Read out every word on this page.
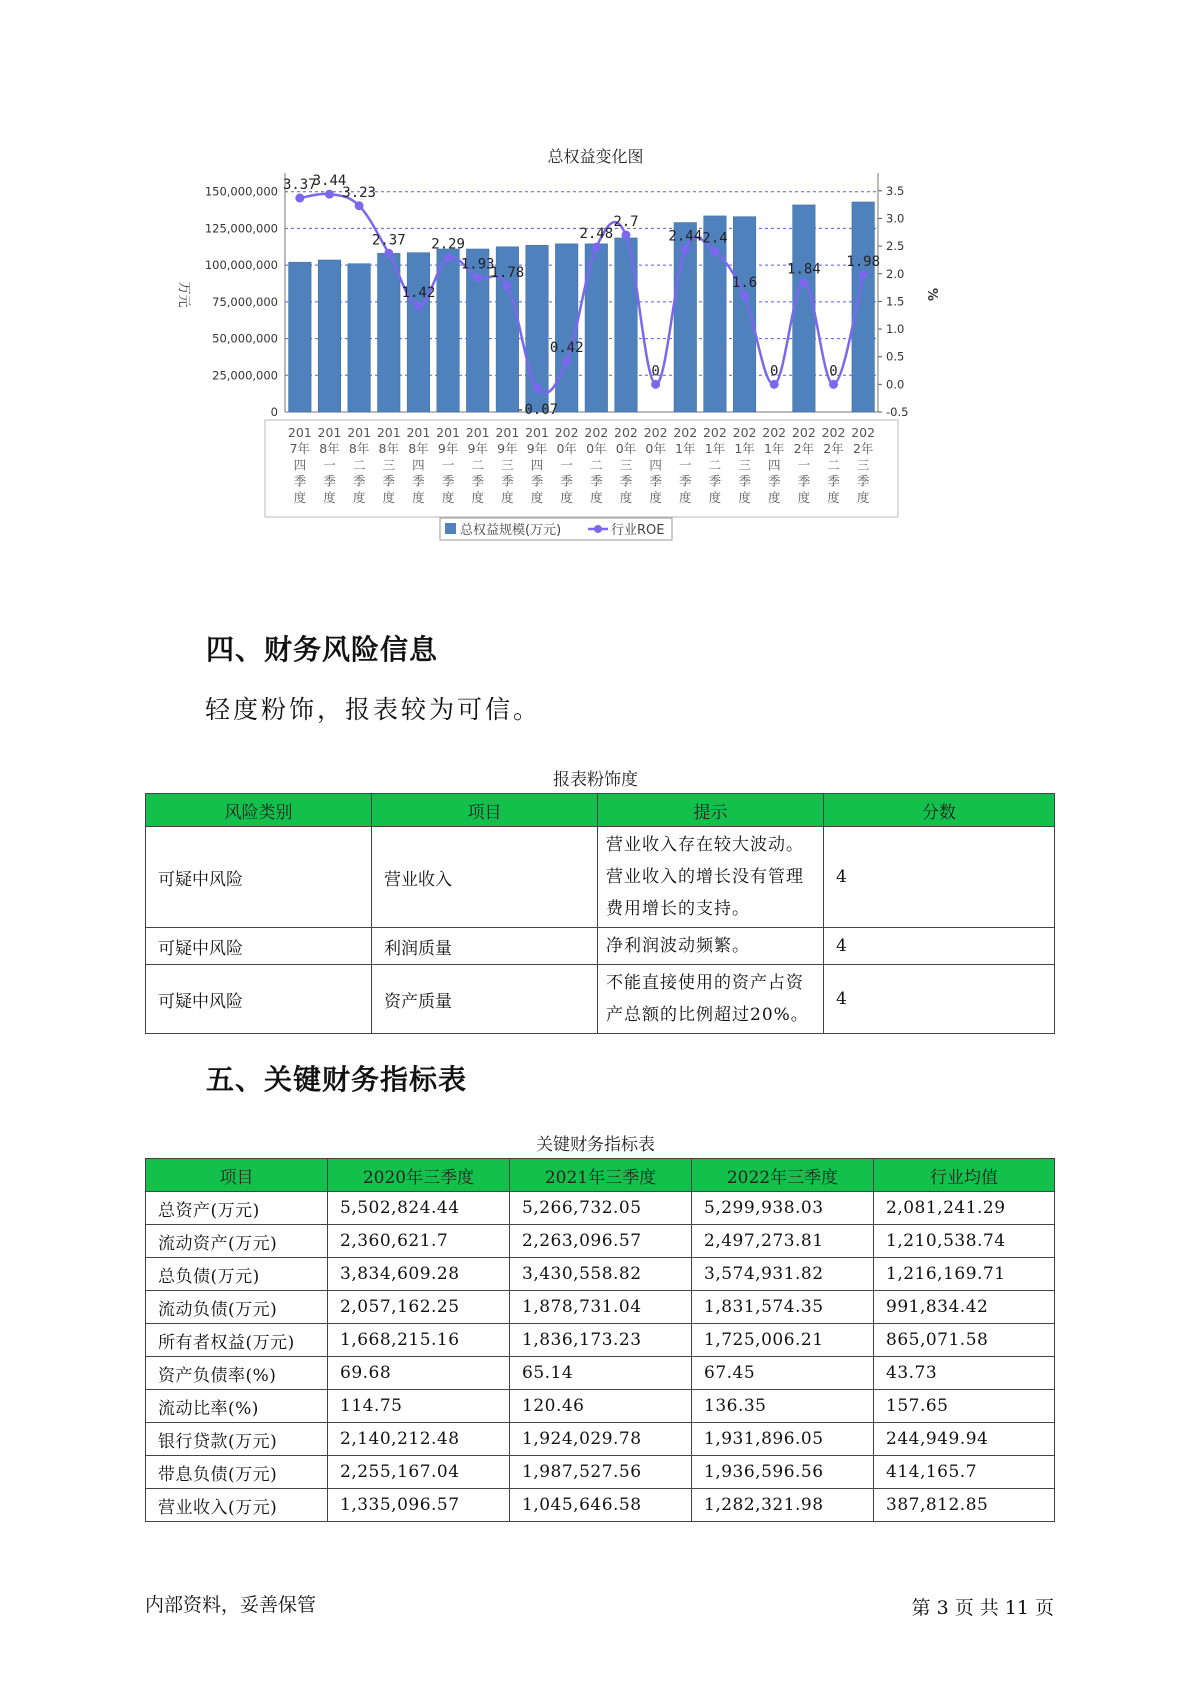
总权益变化图
0
25,000,000
50,000,000
75,000,000
100,000,000
125,000,000
150,000,000
-0.5
0.0
0.5
1.0
1.5
2.0
2.5
3.0
3.5
万元	%
3.37
3.44
3.23
2.37
1.42
2.29
1.93
1.78
-0.07
0.42
2.48
2.7
0
2.44 2.4
1.6
0
1.84
0
1.98
201 7年四季度
201 8年一季度
201 8年二季度
201 8年三季度
201 8年四季度
201 9年一季度
201 9年二季度
201 9年三季度
201 9年四季度
202 0年一季度
202 0年二季度
202 0年三季度
202 0年四季度
202 1年一季度
202 1年二季度
202 1年三季度
202 1年四季度
202 2年一季度
202 2年二季度
202 2年三季度
总权益规模(万元)	行业ROE
四、财务风险信息
轻度粉饰，报表较为可信。
报表粉饰度
风险类别	项目	提示	分数
可疑中风险	营业收入	营业收入存在较大波动。营业收入的增长没有管理费用增长的支持。	4
可疑中风险	利润质量	净利润波动频繁。	4
可疑中风险	资产质量	不能直接使用的资产占资产总额的比例超过20%。	4
五、关键财务指标表
关键财务指标表
项目	2020年三季度	2021年三季度	2022年三季度	行业均值
总资产(万元)	5,502,824.44	5,266,732.05	5,299,938.03	2,081,241.29
流动资产(万元)	2,360,621.7	2,263,096.57	2,497,273.81	1,210,538.74
总负债(万元)	3,834,609.28	3,430,558.82	3,574,931.82	1,216,169.71
流动负债(万元)	2,057,162.25	1,878,731.04	1,831,574.35	991,834.42
所有者权益(万元)	1,668,215.16	1,836,173.23	1,725,006.21	865,071.58
资产负债率(%)	69.68	65.14	67.45	43.73
流动比率(%)	114.75	120.46	136.35	157.65
银行贷款(万元)	2,140,212.48	1,924,029.78	1,931,896.05	244,949.94
带息负债(万元)	2,255,167.04	1,987,527.56	1,936,596.56	414,165.7
营业收入(万元)	1,335,096.57	1,045,646.58	1,282,321.98	387,812.85
内部资料，妥善保管	第 3 页 共 11 页
